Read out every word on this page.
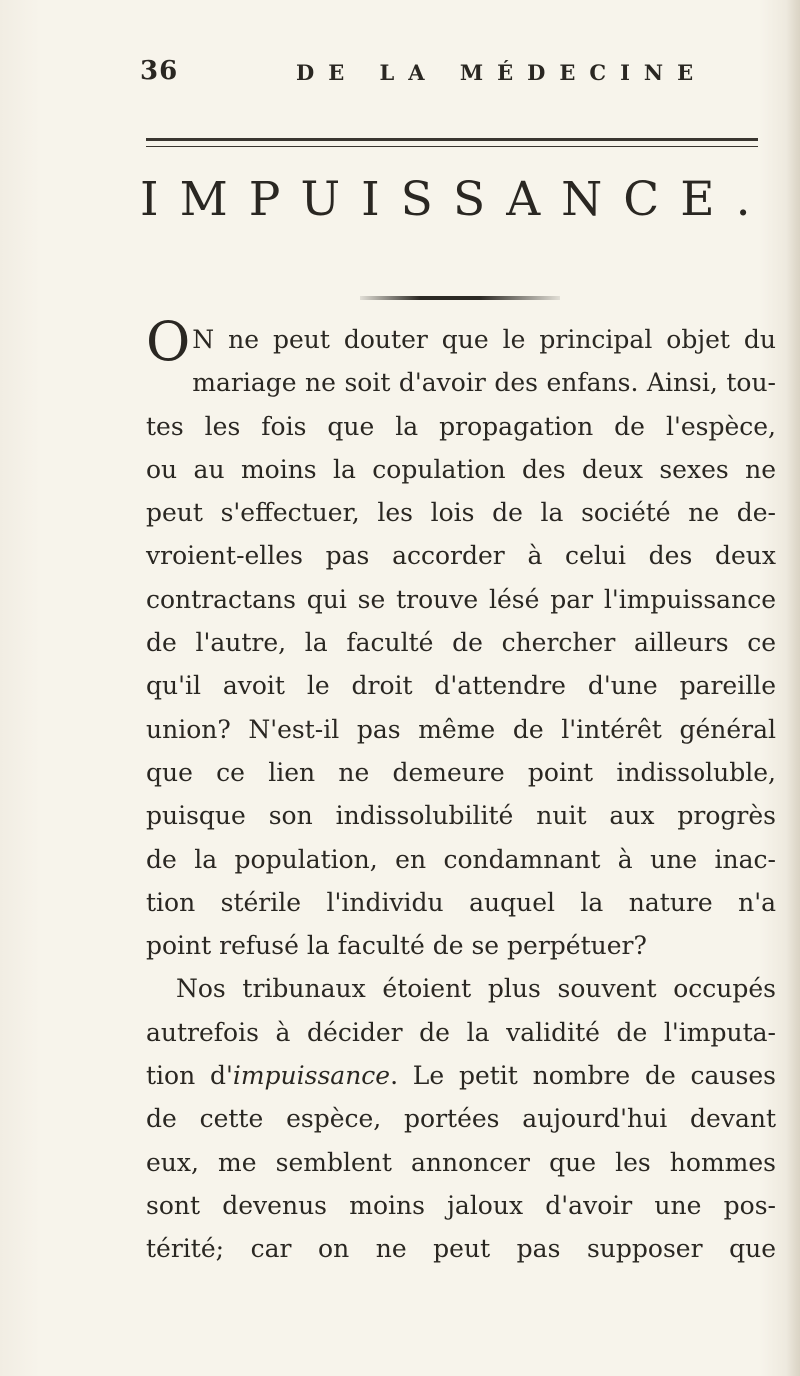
36	DE LA MÉDECINE
IMPUISSANCE.

O N ne peut douter que le principal objet du
mariage ne soit d'avoir des enfans. Ainsi, tou-
tes les fois que la propagation de l'espèce,
ou au moins la copulation des deux sexes ne
peut s'effectuer, les lois de la société ne de-
vroient-elles pas accorder à celui des deux
contractans qui se trouve lésé par l'impuissance
de l'autre, la faculté de chercher ailleurs ce
qu'il avoit le droit d'attendre d'une pareille
union? N'est-il pas même de l'intérêt général
que ce lien ne demeure point indissoluble,
puisque son indissolubilité nuit aux progrès
de la population, en condamnant à une inac-
tion stérile l'individu auquel la nature n'a
point refusé la faculté de se perpétuer?

Nos tribunaux étoient plus souvent occupés
autrefois à décider de la validité de l'imputa-
tion d'impuissance. Le petit nombre de causes
de cette espèce, portées aujourd'hui devant
eux, me semblent annoncer que les hommes
sont devenus moins jaloux d'avoir une pos-
térité; car on ne peut pas supposer que
